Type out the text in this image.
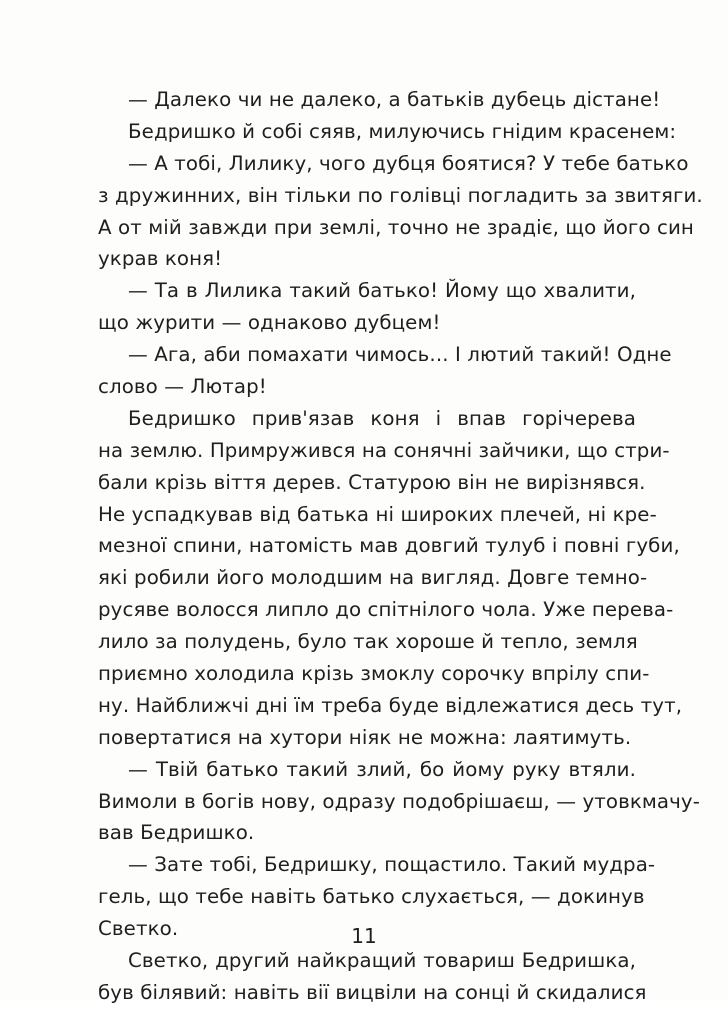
— Далеко чи не далеко, а батьків дубець дістане!
Бедришко й собі сяяв, милуючись гнідим красенем:
— А тобі, Лилику, чого дубця боятися? У тебе батько
з дружинних, він тільки по голівці погладить за звитяги.
А от мій завжди при землі, точно не зрадіє, що його син
украв коня!
— Та в Лилика такий батько! Йому що хвалити,
що журити — однаково дубцем!
— Ага, аби помахати чимось... І лютий такий! Одне
слово — Лютар!
Бедришко прив'язав коня і впав горічерева
на землю. Примружився на сонячні зайчики, що стри-
бали крізь віття дерев. Статурою він не вирізнявся.
Не успадкував від батька ні широких плечей, ні кре-
мезної спини, натомість мав довгий тулуб і повні губи,
які робили його молодшим на вигляд. Довге темно-
русяве волосся липло до спітнілого чола. Уже перева-
лило за полудень, було так хороше й тепло, земля
приємно холодила крізь змоклу сорочку впрілу спи-
ну. Найближчі дні їм треба буде відлежатися десь тут,
повертатися на хутори ніяк не можна: лаятимуть.
— Твій батько такий злий, бо йому руку втяли.
Вимоли в богів нову, одразу подобрішаєш, — утовкмачу-
вав Бедришко.
— Зате тобі, Бедришку, пощастило. Такий мудра-
гель, що тебе навіть батько слухається, — докинув
Светко.
Светко, другий найкращий товариш Бедришка,
був білявий: навіть вії вицвіли на сонці й скидалися
11
